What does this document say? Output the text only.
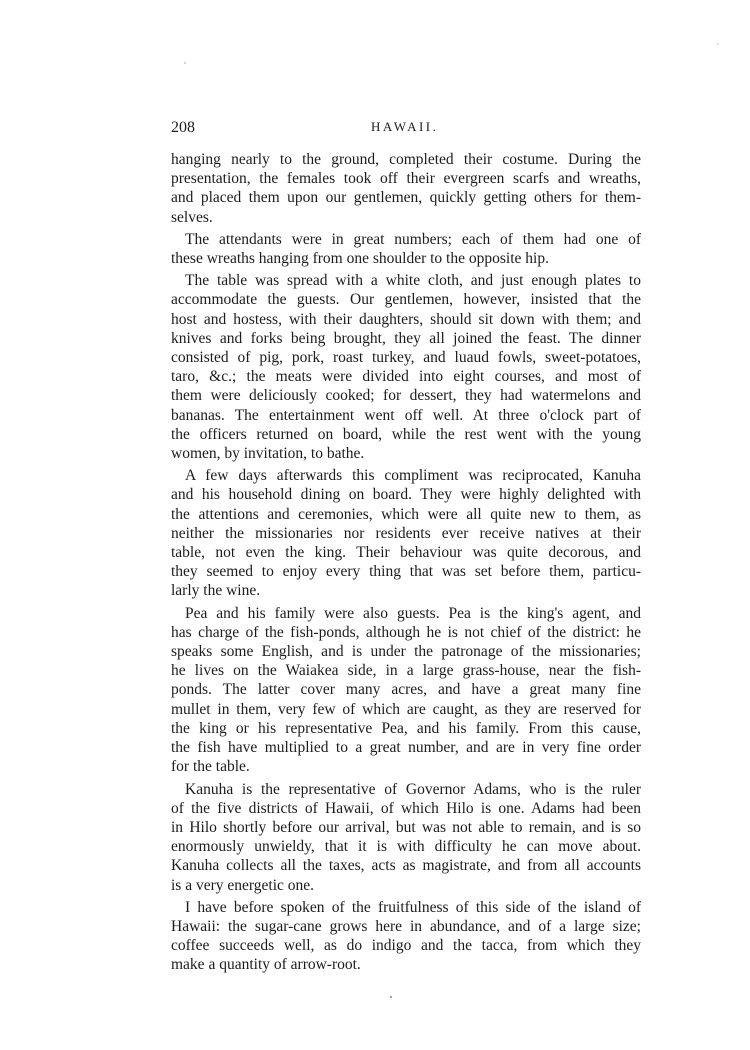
208	HAWAII.
hanging nearly to the ground, completed their costume. During the
presentation, the females took off their evergreen scarfs and wreaths,
and placed them upon our gentlemen, quickly getting others for them-
selves.
The attendants were in great numbers; each of them had one of
these wreaths hanging from one shoulder to the opposite hip.
The table was spread with a white cloth, and just enough plates to
accommodate the guests. Our gentlemen, however, insisted that the
host and hostess, with their daughters, should sit down with them; and
knives and forks being brought, they all joined the feast. The dinner
consisted of pig, pork, roast turkey, and luaud fowls, sweet-potatoes,
taro, &c.; the meats were divided into eight courses, and most of
them were deliciously cooked; for dessert, they had watermelons and
bananas. The entertainment went off well. At three o'clock part of
the officers returned on board, while the rest went with the young
women, by invitation, to bathe.
A few days afterwards this compliment was reciprocated, Kanuha
and his household dining on board. They were highly delighted with
the attentions and ceremonies, which were all quite new to them, as
neither the missionaries nor residents ever receive natives at their
table, not even the king. Their behaviour was quite decorous, and
they seemed to enjoy every thing that was set before them, particu-
larly the wine.
Pea and his family were also guests. Pea is the king's agent, and
has charge of the fish-ponds, although he is not chief of the district: he
speaks some English, and is under the patronage of the missionaries;
he lives on the Waiakea side, in a large grass-house, near the fish-
ponds. The latter cover many acres, and have a great many fine
mullet in them, very few of which are caught, as they are reserved for
the king or his representative Pea, and his family. From this cause,
the fish have multiplied to a great number, and are in very fine order
for the table.
Kanuha is the representative of Governor Adams, who is the ruler
of the five districts of Hawaii, of which Hilo is one. Adams had been
in Hilo shortly before our arrival, but was not able to remain, and is so
enormously unwieldy, that it is with difficulty he can move about.
Kanuha collects all the taxes, acts as magistrate, and from all accounts
is a very energetic one.
I have before spoken of the fruitfulness of this side of the island of
Hawaii: the sugar-cane grows here in abundance, and of a large size;
coffee succeeds well, as do indigo and the tacca, from which they
make a quantity of arrow-root.
